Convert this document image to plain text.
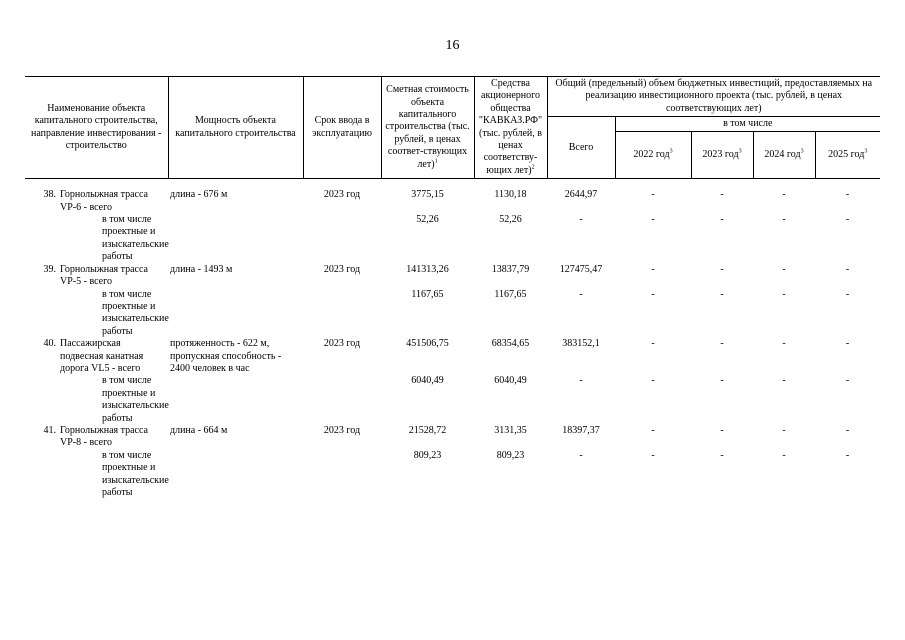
16
Наименование объекта капитального строительства, направление инвестирования - строительство		Мощность объекта капитального строительства	Срок ввода в эксплуатацию	Сметная стоимость объекта капитального строительства (тыс. рублей, в ценах соответ-ствующих лет)$^1$	Средства акционерного общества "КАВКАЗ.РФ" (тыс. рублей, в ценах соответству-ющих лет)$^2$	Общий (предельный) объем бюджетных инвестиций, предоставляемых на реализацию инвестиционного проекта (тыс. рублей, в ценах соответствующих лет)				
						Всего	в том числе			
							2022 год$^3$	2023 год$^3$	2024 год$^3$	2025 год$^3$

38.	Горнолыжная трасса VP-6 - всего	длина - 676 м	2023 год	3775,15	1130,18	2644,97	-	-	-	-

	в том числе проектные и изыскательские работы			52,26	52,26	-	-	-	-	-
39.	Горнолыжная трасса VP-5 - всего	длина - 1493 м	2023 год	141313,26	13837,79	127475,47	-	-	-	-

	в том числе проектные и изыскательские работы			1167,65	1167,65	-	-	-	-	-
40.	Пассажирская подвесная канатная дорога VL5 - всего	протяженность - 622 м, пропускная способность - 2400 человек в час	2023 год	451506,75	68354,65	383152,1	-	-	-	-

	в том числе проектные и изыскательские работы			6040,49	6040,49	-	-	-	-	-
41.	Горнолыжная трасса VP-8 - всего	длина - 664 м	2023 год	21528,72	3131,35	18397,37	-	-	-	-

	в том числе проектные и изыскательские работы			809,23	809,23	-	-	-	-	-
